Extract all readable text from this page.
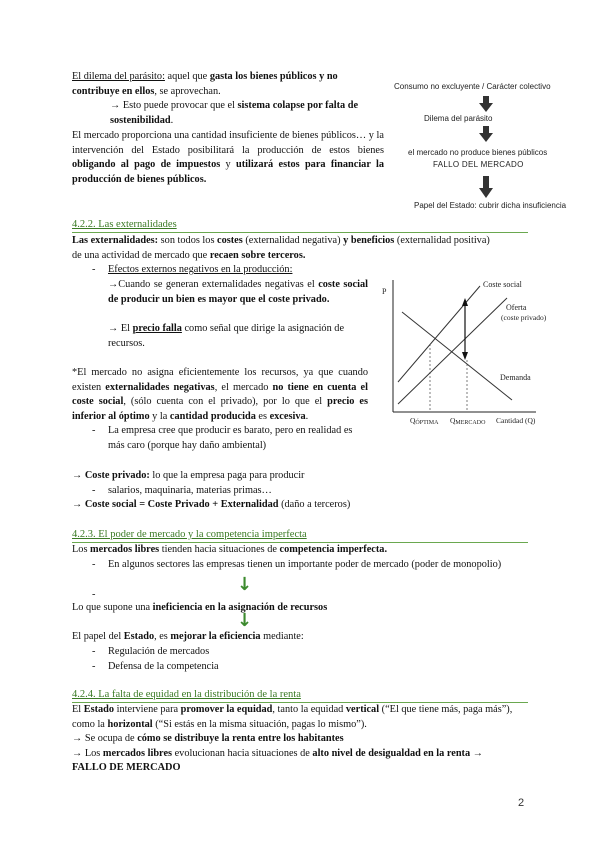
El dilema del parásito: aquel que gasta los bienes públicos y no
contribuye en ellos, se aprovechan.
→ Esto puede provocar que el sistema colapse por falta de
sostenibilidad.
El mercado proporciona una cantidad insuficiente de bienes públicos… y la intervención del Estado posibilitará la producción de estos bienes obligando al pago de impuestos y utilizará estos para financiar la producción de bienes públicos.
Consumo no excluyente / Carácter colectivo
Dilema del parásito
el mercado no produce bienes públicos
FALLO DEL MERCADO
Papel del Estado: cubrir dicha insuficiencia
4.2.2. Las externalidades
Las externalidades: son todos los costes (externalidad negativa) y beneficios (externalidad positiva)
de una actividad de mercado que recaen sobre terceros.
- Efectos externos negativos en la producción:
→Cuando se generan externalidades negativas el coste social de producir un bien es mayor que el coste privado.
→ El precio falla como señal que dirige la asignación de recursos.
*El mercado no asigna eficientemente los recursos, ya que cuando existen externalidades negativas, el mercado no tiene en cuenta el coste social, (sólo cuenta con el privado), por lo que el precio es inferior al óptimo y la cantidad producida es excesiva.
- La empresa cree que producir es barato, pero en realidad es más caro (porque hay daño ambiental)
→ Coste privado: lo que la empresa paga para producir
- salarios, maquinaria, materias primas…
→ Coste social = Coste Privado + Externalidad (daño a terceros)
P
Coste social
Oferta
(coste privado)
Demanda
QÓPTIMA QMERCADO Cantidad (Q)
4.2.3. El poder de mercado y la competencia imperfecta
Los mercados libres tienden hacia situaciones de competencia imperfecta.
- En algunos sectores las empresas tienen un importante poder de mercado (poder de monopolio)
-	↓
Lo que supone una ineficiencia en la asignación de recursos
↓
El papel del Estado, es mejorar la eficiencia mediante:
- Regulación de mercados
- Defensa de la competencia
4.2.4. La falta de equidad en la distribución de la renta
El Estado interviene para promover la equidad, tanto la equidad vertical (“El que tiene más, paga más”), como la horizontal (“Si estás en la misma situación, pagas lo mismo”).
→ Se ocupa de cómo se distribuye la renta entre los habitantes
→ Los mercados libres evolucionan hacia situaciones de alto nivel de desigualdad en la renta →
FALLO DE MERCADO
2
